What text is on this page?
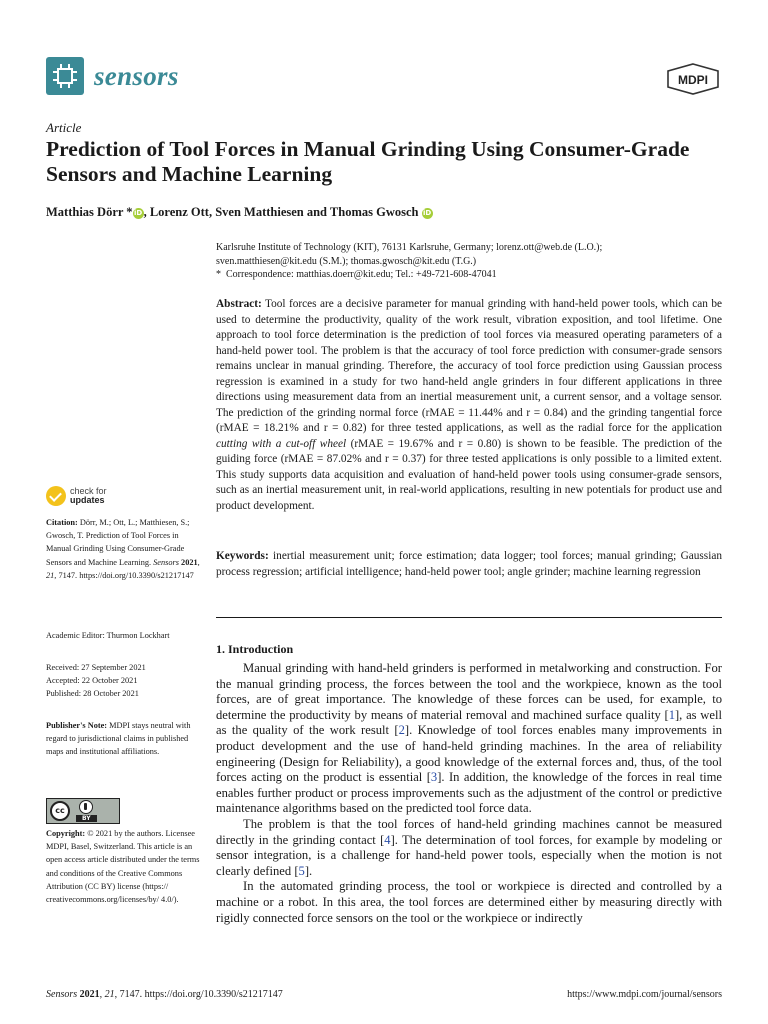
sensors	MDPI
Article
Prediction of Tool Forces in Manual Grinding Using Consumer-Grade Sensors and Machine Learning
Matthias Dörr *iD, Lorenz Ott, Sven Matthiesen and Thomas Gwosch iD
Karlsruhe Institute of Technology (KIT), 76131 Karlsruhe, Germany; lorenz.ott@web.de (L.O.);
sven.matthiesen@kit.edu (S.M.); thomas.gwosch@kit.edu (T.G.)
* Correspondence: matthias.doerr@kit.edu; Tel.: +49-721-608-47041
Abstract: Tool forces are a decisive parameter for manual grinding with hand-held power tools, which can be used to determine the productivity, quality of the work result, vibration exposition, and tool lifetime. One approach to tool force determination is the prediction of tool forces via measured operating parameters of a hand-held power tool. The problem is that the accuracy of tool force prediction with consumer-grade sensors remains unclear in manual grinding. Therefore, the accuracy of tool force prediction using Gaussian process regression is examined in a study for two hand-held angle grinders in four different applications in three directions using measurement data from an inertial measurement unit, a current sensor, and a voltage sensor. The prediction of the grinding normal force (rMAE = 11.44% and r = 0.84) and the grinding tangential force (rMAE = 18.21% and r = 0.82) for three tested applications, as well as the radial force for the application cutting with a cut-off wheel (rMAE = 19.67% and r = 0.80) is shown to be feasible. The prediction of the guiding force (rMAE = 87.02% and r = 0.37) for three tested applications is only possible to a limited extent. This study supports data acquisition and evaluation of hand-held power tools using consumer-grade sensors, such as an inertial measurement unit, in real-world applications, resulting in new potentials for product use and product development.
Keywords: inertial measurement unit; force estimation; data logger; tool forces; manual grinding; Gaussian process regression; artificial intelligence; hand-held power tool; angle grinder; machine learning regression
1. Introduction

Manual grinding with hand-held grinders is performed in metalworking and construction. For the manual grinding process, the forces between the tool and the workpiece, known as the tool forces, are of great importance. The knowledge of these forces can be used, for example, to determine the productivity by means of material removal and machined surface quality [1], as well as the quality of the work result [2]. Knowledge of tool forces enables many improvements in product development and the use of hand-held grinding machines. In the area of reliability engineering (Design for Reliability), a good knowledge of the external forces and, thus, of the tool forces acting on the product is essential [3]. In addition, the knowledge of the forces in real time enables further product or process improvements such as the adjustment of the control or predictive maintenance algorithms based on the predicted tool force data.

The problem is that the tool forces of hand-held grinding machines cannot be measured directly in the grinding contact [4]. The determination of tool forces, for example by modeling or sensor integration, is a challenge for hand-held power tools, especially when the motion is not clearly defined [5].

In the automated grinding process, the tool or workpiece is directed and controlled by a machine or a robot. In this area, the tool forces are determined either by measuring directly with rigidly connected force sensors on the tool or the workpiece or indirectly

check for
updates
Citation: Dörr, M.; Ott, L.; Matthiesen, S.; Gwosch, T. Prediction of Tool Forces in Manual Grinding Using Consumer-Grade Sensors and Machine Learning. Sensors 2021, 21, 7147. https://doi.org/10.3390/s21217147
Academic Editor: Thurmon Lockhart
Received: 27 September 2021
Accepted: 22 October 2021
Published: 28 October 2021
Publisher's Note: MDPI stays neutral with regard to jurisdictional claims in published maps and institutional affiliations.
cc
BY
Copyright: © 2021 by the authors. Licensee MDPI, Basel, Switzerland. This article is an open access article distributed under the terms and conditions of the Creative Commons Attribution (CC BY) license (https:// creativecommons.org/licenses/by/ 4.0/).
Sensors 2021, 21, 7147. https://doi.org/10.3390/s21217147	https://www.mdpi.com/journal/sensors
